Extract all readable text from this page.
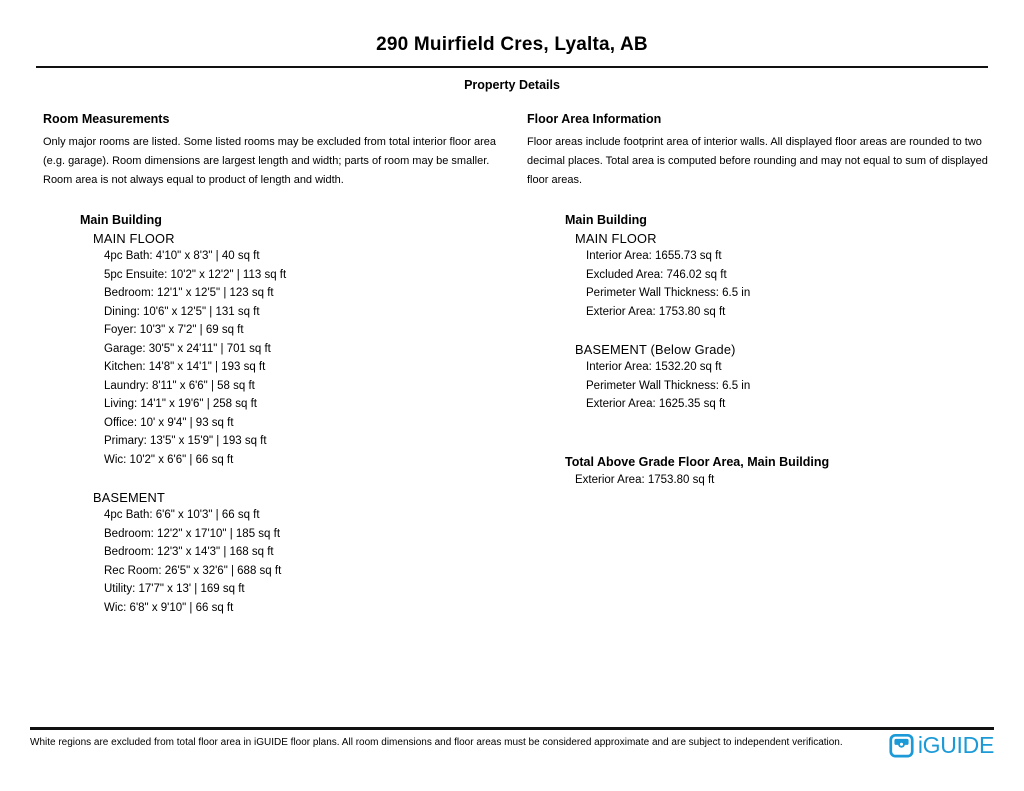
290 Muirfield Cres, Lyalta, AB
Property Details
Room Measurements

Only major rooms are listed. Some listed rooms may be excluded from total interior floor area (e.g. garage). Room dimensions are largest length and width; parts of room may be smaller. Room area is not always equal to product of length and width.

Main Building
MAIN FLOOR
4pc Bath: 4'10" x 8'3" | 40 sq ft
5pc Ensuite: 10'2" x 12'2" | 113 sq ft
Bedroom: 12'1" x 12'5" | 123 sq ft
Dining: 10'6" x 12'5" | 131 sq ft
Foyer: 10'3" x 7'2" | 69 sq ft
Garage: 30'5" x 24'11" | 701 sq ft
Kitchen: 14'8" x 14'1" | 193 sq ft
Laundry: 8'11" x 6'6" | 58 sq ft
Living: 14'1" x 19'6" | 258 sq ft
Office: 10' x 9'4" | 93 sq ft
Primary: 13'5" x 15'9" | 193 sq ft
Wic: 10'2" x 6'6" | 66 sq ft
BASEMENT
4pc Bath: 6'6" x 10'3" | 66 sq ft
Bedroom: 12'2" x 17'10" | 185 sq ft
Bedroom: 12'3" x 14'3" | 168 sq ft
Rec Room: 26'5" x 32'6" | 688 sq ft
Utility: 17'7" x 13' | 169 sq ft
Wic: 6'8" x 9'10" | 66 sq ft
Floor Area Information

Floor areas include footprint area of interior walls. All displayed floor areas are rounded to two decimal places. Total area is computed before rounding and may not equal to sum of displayed floor areas.

Main Building
MAIN FLOOR
Interior Area: 1655.73 sq ft
Excluded Area: 746.02 sq ft
Perimeter Wall Thickness: 6.5 in
Exterior Area: 1753.80 sq ft
BASEMENT (Below Grade)
Interior Area: 1532.20 sq ft
Perimeter Wall Thickness: 6.5 in
Exterior Area: 1625.35 sq ft
Total Above Grade Floor Area, Main Building
Exterior Area: 1753.80 sq ft

White regions are excluded from total floor area in iGUIDE floor plans. All room dimensions and floor areas must be considered approximate and are subject to independent verification.	iGUIDE
